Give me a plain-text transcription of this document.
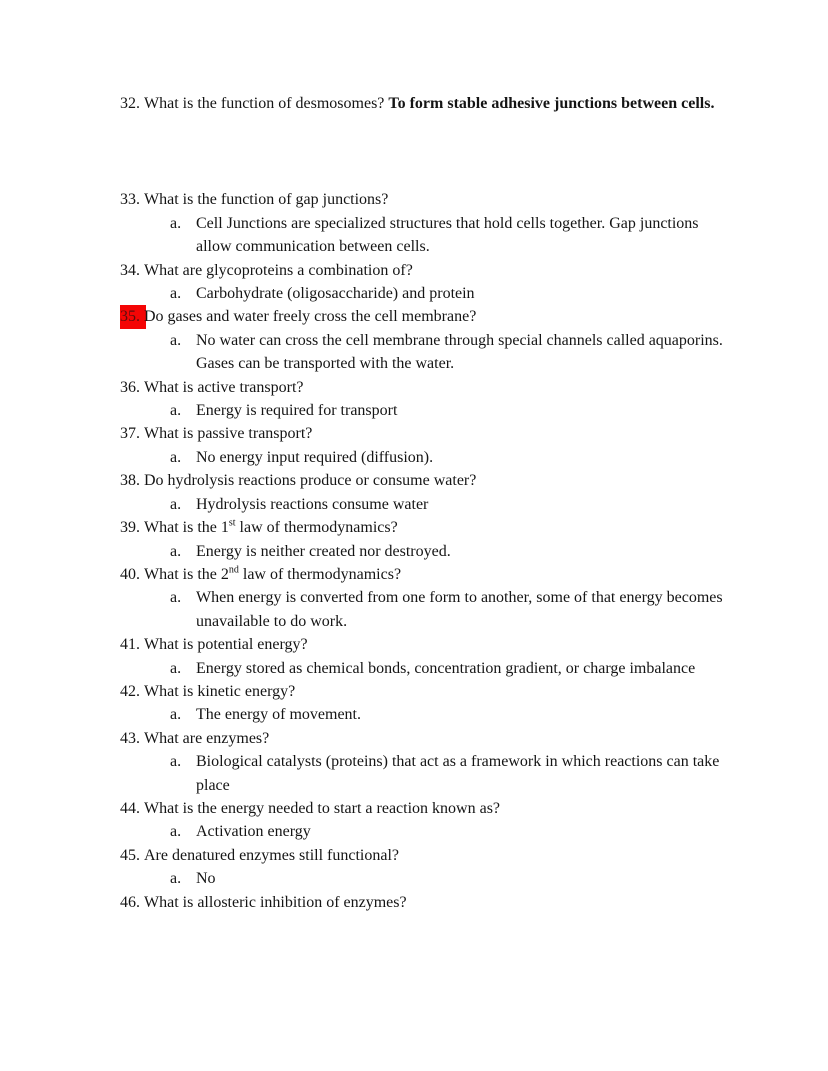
32. What is the function of desmosomes? To form stable adhesive junctions between cells.
33. What is the function of gap junctions?
a. Cell Junctions are specialized structures that hold cells together. Gap junctions allow communication between cells.
34. What are glycoproteins a combination of?
a. Carbohydrate (oligosaccharide) and protein
35. Do gases and water freely cross the cell membrane?
a. No water can cross the cell membrane through special channels called aquaporins. Gases can be transported with the water.
36. What is active transport?
a. Energy is required for transport
37. What is passive transport?
a. No energy input required (diffusion).
38. Do hydrolysis reactions produce or consume water?
a. Hydrolysis reactions consume water
39. What is the 1st law of thermodynamics?
a. Energy is neither created nor destroyed.
40. What is the 2nd law of thermodynamics?
a. When energy is converted from one form to another, some of that energy becomes unavailable to do work.
41. What is potential energy?
a. Energy stored as chemical bonds, concentration gradient, or charge imbalance
42. What is kinetic energy?
a. The energy of movement.
43. What are enzymes?
a. Biological catalysts (proteins) that act as a framework in which reactions can take place
44. What is the energy needed to start a reaction known as?
a. Activation energy
45. Are denatured enzymes still functional?
a. No
46. What is allosteric inhibition of enzymes?
